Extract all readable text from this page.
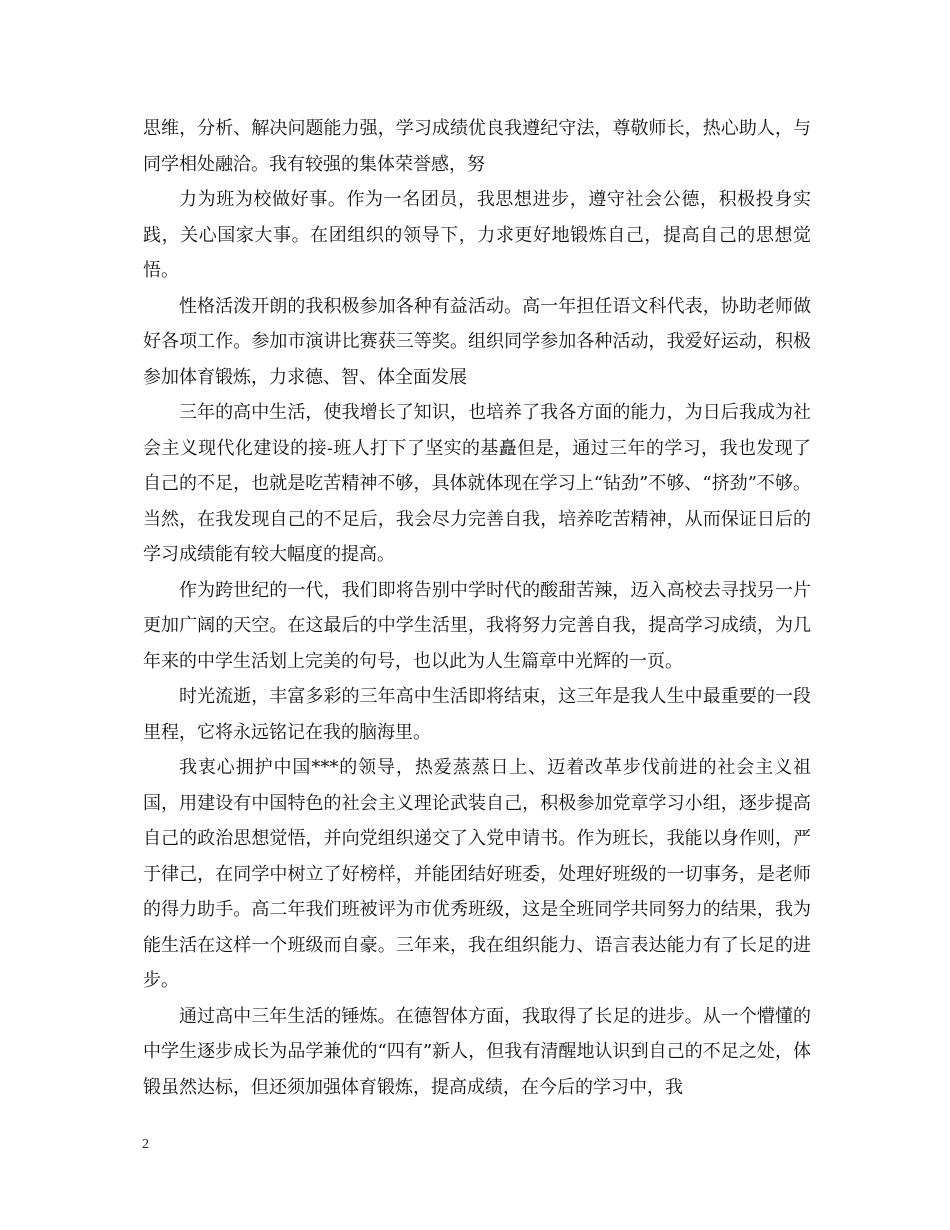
思维，分析、解决问题能力强，学习成绩优良我遵纪守法，尊敬师长，热心助人，与同学相处融洽。我有较强的集体荣誉感，努

力为班为校做好事。作为一名团员，我思想进步，遵守社会公德，积极投身实践，关心国家大事。在团组织的领导下，力求更好地锻炼自己，提高自己的思想觉悟。

性格活泼开朗的我积极参加各种有益活动。高一年担任语文科代表，协助老师做好各项工作。参加市演讲比赛获三等奖。组织同学参加各种活动，我爱好运动，积极参加体育锻炼，力求德、智、体全面发展

三年的高中生活，使我增长了知识，也培养了我各方面的能力，为日后我成为社会主义现代化建设的接-班人打下了坚实的基矗但是，通过三年的学习，我也发现了自己的不足，也就是吃苦精神不够，具体就体现在学习上“钻劲”不够、“挤劲”不够。当然，在我发现自己的不足后，我会尽力完善自我，培养吃苦精神，从而保证日后的学习成绩能有较大幅度的提高。

作为跨世纪的一代，我们即将告别中学时代的酸甜苦辣，迈入高校去寻找另一片更加广阔的天空。在这最后的中学生活里，我将努力完善自我，提高学习成绩，为几年来的中学生活划上完美的句号，也以此为人生篇章中光辉的一页。

时光流逝，丰富多彩的三年高中生活即将结束，这三年是我人生中最重要的一段里程，它将永远铭记在我的脑海里。

我衷心拥护中国***的领导，热爱蒸蒸日上、迈着改革步伐前进的社会主义祖国，用建设有中国特色的社会主义理论武装自己，积极参加党章学习小组，逐步提高自己的政治思想觉悟，并向党组织递交了入党申请书。作为班长，我能以身作则，严于律己，在同学中树立了好榜样，并能团结好班委，处理好班级的一切事务，是老师的得力助手。高二年我们班被评为市优秀班级，这是全班同学共同努力的结果，我为能生活在这样一个班级而自豪。三年来，我在组织能力、语言表达能力有了长足的进步。

通过高中三年生活的锤炼。在德智体方面，我取得了长足的进步。从一个懵懂的中学生逐步成长为品学兼优的“四有”新人，但我有清醒地认识到自己的不足之处，体锻虽然达标，但还须加强体育锻炼，提高成绩，在今后的学习中，我

2
